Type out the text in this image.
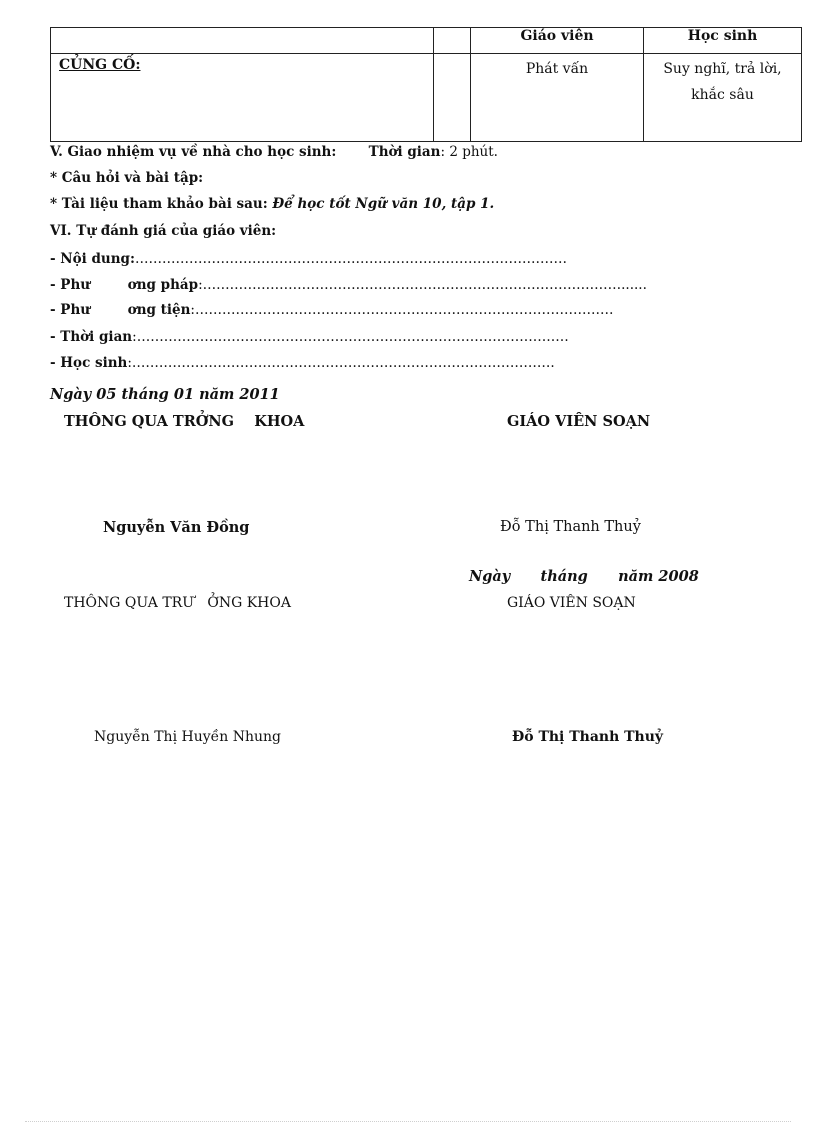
		Giáo viên	Học sinh

CỦNG CỐ:		Phát vấn	Suy nghĩ, trả lời,
khắc sâu
V. Giao nhiệm vụ về nhà cho học sinh: Thời gian: 2 phút.
* Câu hỏi và bài tập:
* Tài liệu tham khảo bài sau: Để học tốt Ngữ văn 10, tập 1.
VI. Tự đánh giá của giáo viên:
- Nội dung:……………………………………………………………………………………
- Phư        ơng pháp:…………………………………………………………………………………......
- Phư        ơng tiện:…………………………………………………………………………………
- Thời gian:……………………………………………………………………………………
- Học sinh:………………………………………………………………………………….
Ngày 05 tháng 01 năm 2011
THÔNG QUA TRỞNG    KHOA	GIÁO VIÊN SOẠN
Nguyễn Văn Đồng	Đỗ Thị Thanh Thuỷ
Ngày      tháng      năm 2008
THÔNG QUA TRƯ   ỞNG KHOA	GIÁO VIÊN SOẠN
Nguyễn Thị Huyền Nhung	Đỗ Thị Thanh Thuỷ
